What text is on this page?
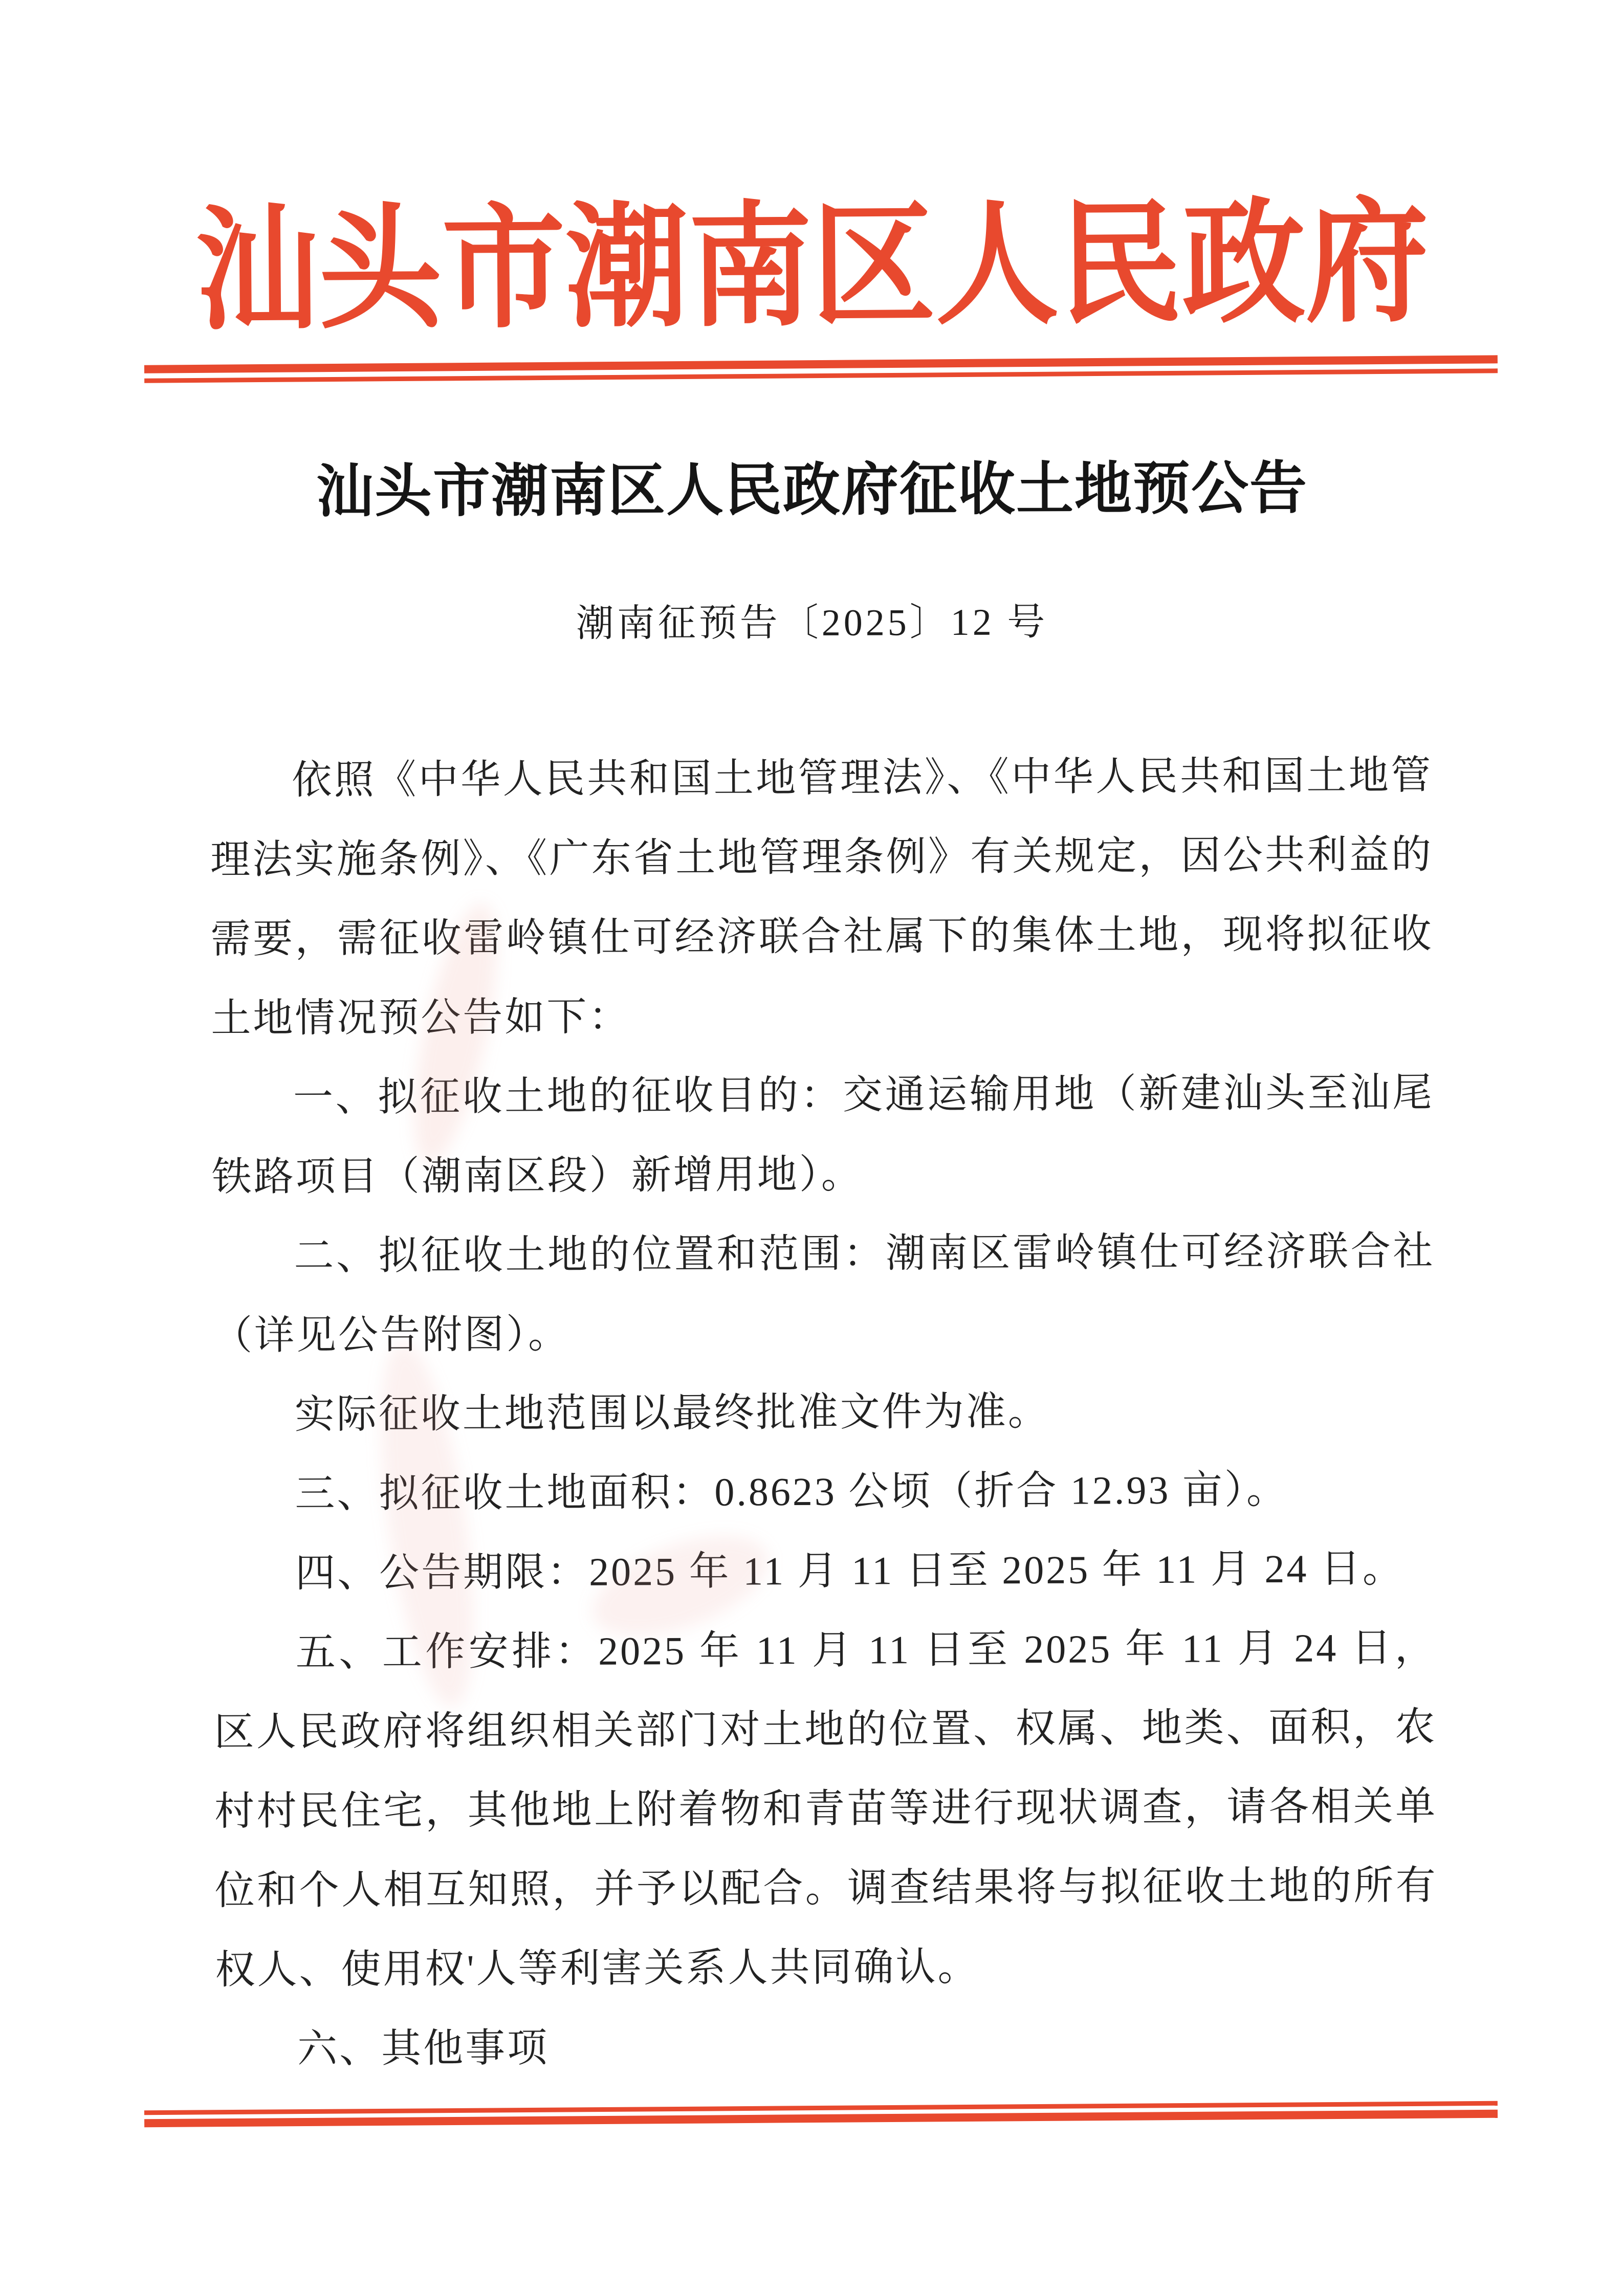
汕头市潮南区人民政府
汕头市潮南区人民政府征收土地预公告
潮南征预告〔2025〕12 号

依照《中华人民共和国土地管理法》、《中华人民共和国土地管理法实施条例》、《广东省土地管理条例》有关规定，因公共利益的需要，需征收雷岭镇仕可经济联合社属下的集体土地，现将拟征收土地情况预公告如下：

一、拟征收土地的征收目的：交通运输用地（新建汕头至汕尾铁路项目（潮南区段）新增用地）。

二、拟征收土地的位置和范围：潮南区雷岭镇仕可经济联合社（详见公告附图）。

实际征收土地范围以最终批准文件为准。

三、拟征收土地面积：0.8623 公顷（折合 12.93 亩）。

四、公告期限：2025 年 11 月 11 日至 2025 年 11 月 24 日。

五、工作安排：2025 年 11 月 11 日至 2025 年 11 月 24 日，区人民政府将组织相关部门对土地的位置、权属、地类、面积，农村村民住宅，其他地上附着物和青苗等进行现状调查，请各相关单位和个人相互知照，并予以配合。调查结果将与拟征收土地的所有权人、使用权'人等利害关系人共同确认。

六、其他事项
